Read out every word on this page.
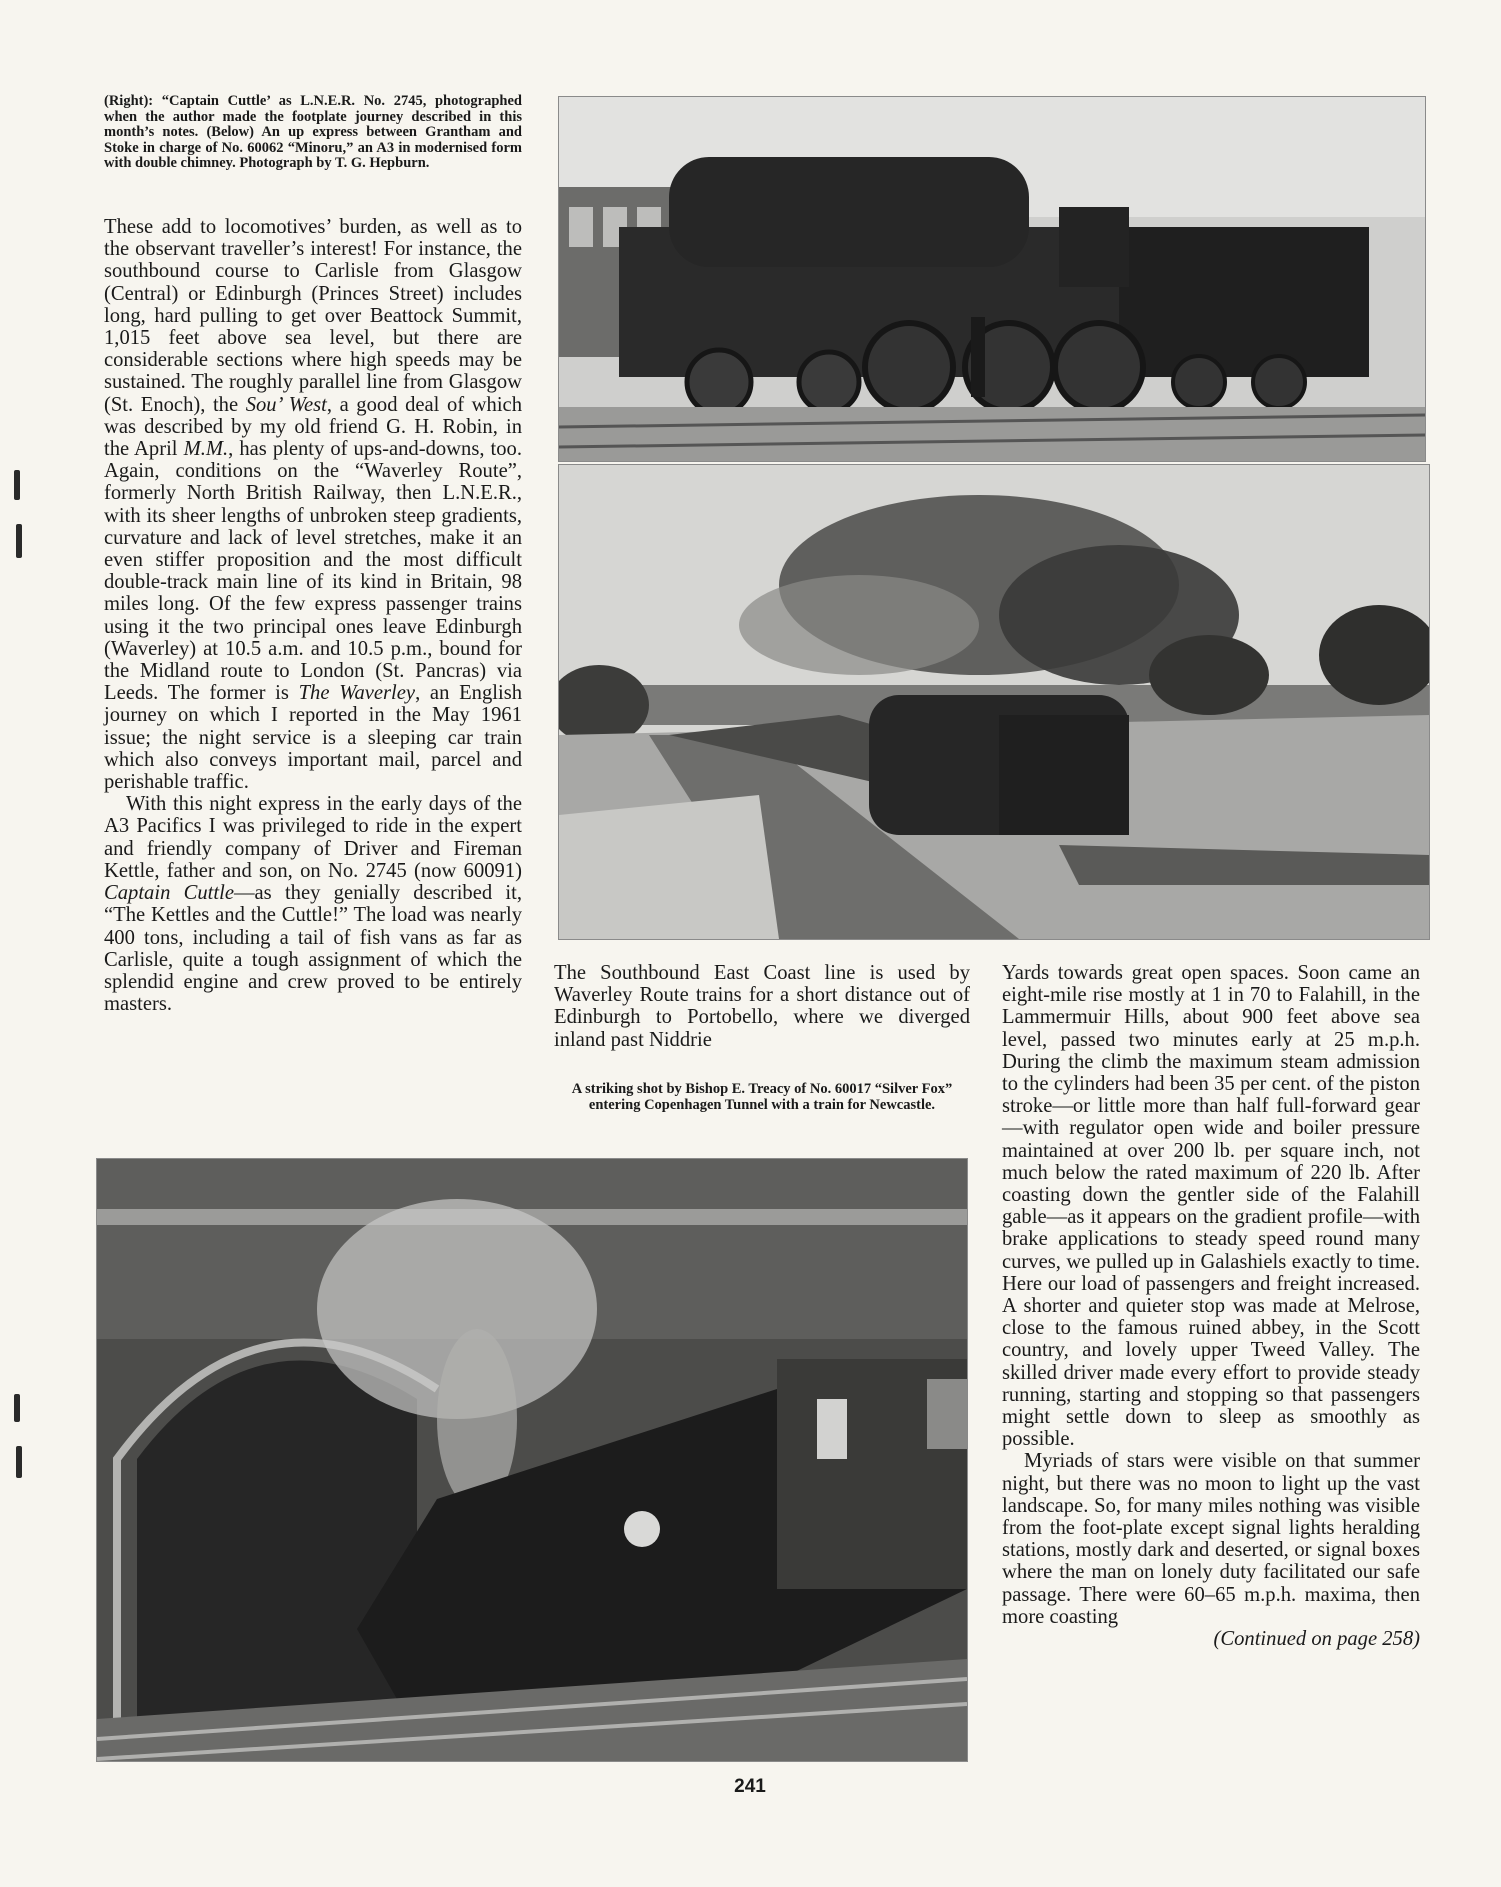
(Right): “Captain Cuttle’ as L.N.E.R. No. 2745, photographed when the author made the footplate journey described in this month’s notes. (Below) An up express between Grantham and Stoke in charge of No. 60062 “Minoru,” an A3 in modernised form with double chimney. Photograph by T. G. Hepburn.

These add to locomotives’ burden, as well as to the observant traveller’s interest! For instance, the southbound course to Carlisle from Glasgow (Central) or Edinburgh (Princes Street) includes long, hard pulling to get over Beattock Summit, 1,015 feet above sea level, but there are considerable sections where high speeds may be sustained. The roughly parallel line from Glasgow (St. Enoch), the Sou’ West, a good deal of which was described by my old friend G. H. Robin, in the April M.M., has plenty of ups-and-downs, too. Again, conditions on the “Waverley Route”, formerly North British Railway, then L.N.E.R., with its sheer lengths of unbroken steep gradients, curvature and lack of level stretches, make it an even stiffer proposition and the most difficult double-track main line of its kind in Britain, 98 miles long. Of the few express passenger trains using it the two principal ones leave Edinburgh (Waverley) at 10.5 a.m. and 10.5 p.m., bound for the Midland route to London (St. Pancras) via Leeds. The former is The Waverley, an English journey on which I reported in the May 1961 issue; the night service is a sleeping car train which also conveys important mail, parcel and perishable traffic.

With this night express in the early days of the A3 Pacifics I was privileged to ride in the expert and friendly company of Driver and Fireman Kettle, father and son, on No. 2745 (now 60091) Captain Cuttle—as they genially described it, “The Kettles and the Cuttle!” The load was nearly 400 tons, including a tail of fish vans as far as Carlisle, quite a tough assignment of which the splendid engine and crew proved to be entirely masters.

The Southbound East Coast line is used by Waverley Route trains for a short distance out of Edinburgh to Portobello, where we diverged inland past Niddrie
A striking shot by Bishop E. Treacy of No. 60017 “Silver Fox” entering Copenhagen Tunnel with a train for Newcastle.

Yards towards great open spaces. Soon came an eight-mile rise mostly at 1 in 70 to Falahill, in the Lammermuir Hills, about 900 feet above sea level, passed two minutes early at 25 m.p.h. During the climb the maximum steam admission to the cylinders had been 35 per cent. of the piston stroke—or little more than half full-forward gear—with regulator open wide and boiler pressure maintained at over 200 lb. per square inch, not much below the rated maximum of 220 lb. After coasting down the gentler side of the Falahill gable—as it appears on the gradient profile—with brake applications to steady speed round many curves, we pulled up in Galashiels exactly to time. Here our load of passengers and freight increased. A shorter and quieter stop was made at Melrose, close to the famous ruined abbey, in the Scott country, and lovely upper Tweed Valley. The skilled driver made every effort to provide steady running, starting and stopping so that passengers might settle down to sleep as smoothly as possible.

Myriads of stars were visible on that summer night, but there was no moon to light up the vast landscape. So, for many miles nothing was visible from the foot-plate except signal lights heralding stations, mostly dark and deserted, or signal boxes where the man on lonely duty facilitated our safe passage. There were 60–65 m.p.h. maxima, then more coasting

(Continued on page 258)

241
